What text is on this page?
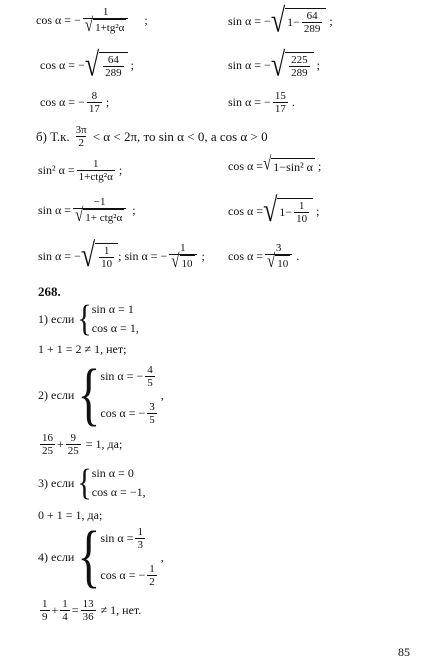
cos α = − $\frac{1}{\text{√ 1+tg²α}}$ ;	sin α = − √ $1- \frac{64}{289}$ ;
cos α = − √ $\frac{64}{289}$ ;	sin α = − √ $\frac{225}{289}$ ;
cos α = − $\frac{8}{17}$ ;	sin α = − $\frac{15}{17}$ .
б) Т.к. $\frac{3\pi}{2} < \alpha < 2\pi$, то sin α < 0, а cos α > 0
sin² $\alpha = \frac{1}{\text{1+ctg²α}}$ ;	cos α = √ 1−sin² α ;
$\sin \alpha = \frac{-1}{\text{√ 1+ ctg²α}}$ ;	cos α = √ $1- \frac{1}{10}$ ;
sin α = − √ $\frac{1}{10}$ ; sin α = − $\frac{1}{√ 10}$ ; $\cos \alpha = \frac{3}{√ 10}$ .
268.
1) если { sin α = 1
cos α = 1 ,
1 + 1 = 2 ≠ 1, нет;
2) если { sin α = − $\frac{4}{5}$
cos α = − $\frac{3}{5}$
,
$\frac{16}{25} + \frac{9}{25} = 1$, да;
3) если { sin α = 0
cos α = −1 ,
0 + 1 = 1, да;
4) если { $\sin \alpha = \frac{1}{3}$
cos α = − $\frac{1}{2}$
,
$\frac{1}{9} + \frac{1}{4} = \frac{13}{36} \ne 1$, нет.
85
